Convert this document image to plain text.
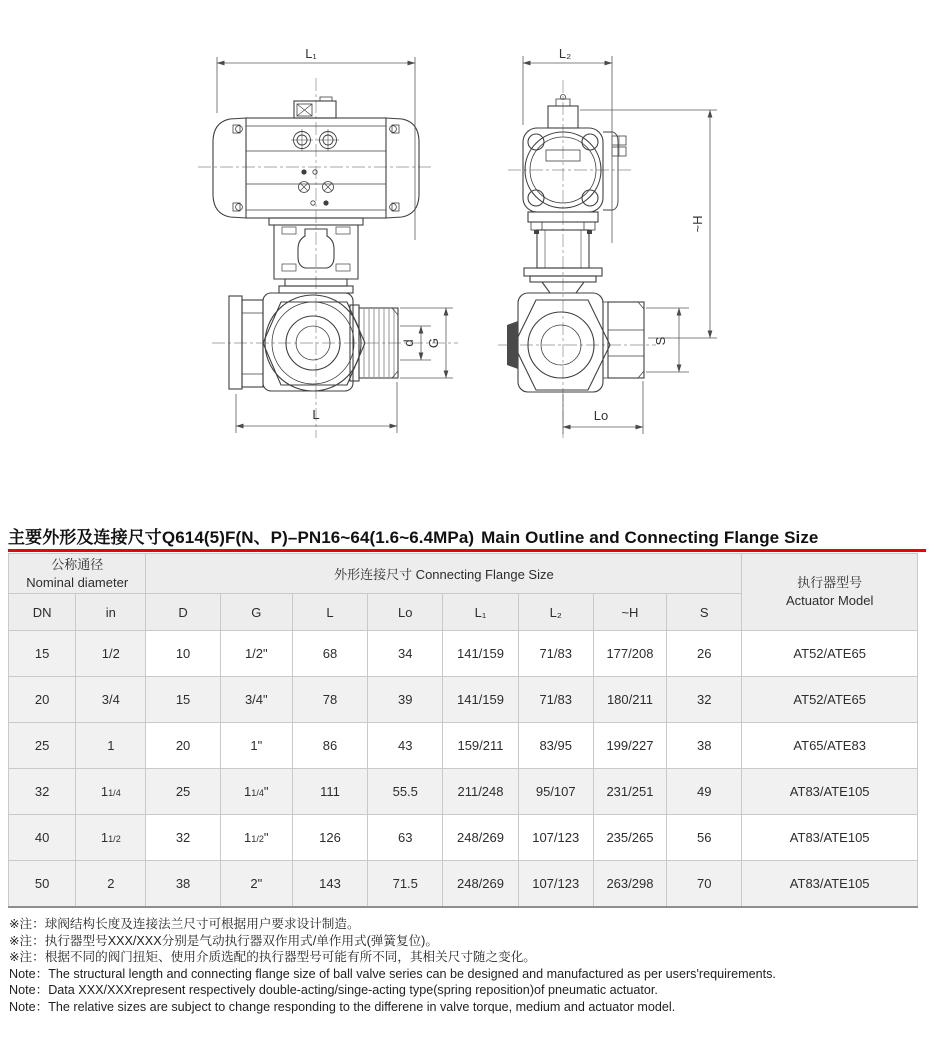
L₁
d G
L
L₂
~H
S
Lo
主要外形及连接尺寸Q614(5)F(N、P)–PN16~64(1.6~6.4MPa) Main Outline and Connecting Flange Size
公称通径
Nominal diameter	外形连接尺寸 Connecting Flange Size	
执行器型号
Actuator Model

DN	in	D	G	L	Lo	L₁	L₂	~H	S	
15	1/2	10	1/2"	68	34	141/159	71/83	177/208	26	AT52/ATE65
20	3/4	15	3/4"	78	39	141/159	71/83	180/211	32	AT52/ATE65
25	1	20	1"	86	43	159/211	83/95	199/227	38	AT65/ATE83
32	11/4	25	11/4"	111	55.5	211/248	95/107	231/251	49	AT83/ATE105
40	11/2	32	11/2"	126	63	248/269	107/123	235/265	56	AT83/ATE105
50	2	38	2"	143	71.5	248/269	107/123	263/298	70	AT83/ATE105
※注：球阀结构长度及连接法兰尺寸可根据用户要求设计制造。
※注：执行器型号XXX/XXX分别是气动执行器双作用式/单作用式(弹簧复位)。
※注：根据不同的阀门扭矩、使用介质选配的执行器型号可能有所不同，其相关尺寸随之变化。
Note：The structural length and connecting flange size of ball valve series can be designed and manufactured as per users'requirements.
Note：Data XXX/XXXrepresent respectively double-acting/singe-acting type(spring reposition)of pneumatic actuator.
Note：The relative sizes are subject to change responding to the differene in valve torque, medium and actuator model.
